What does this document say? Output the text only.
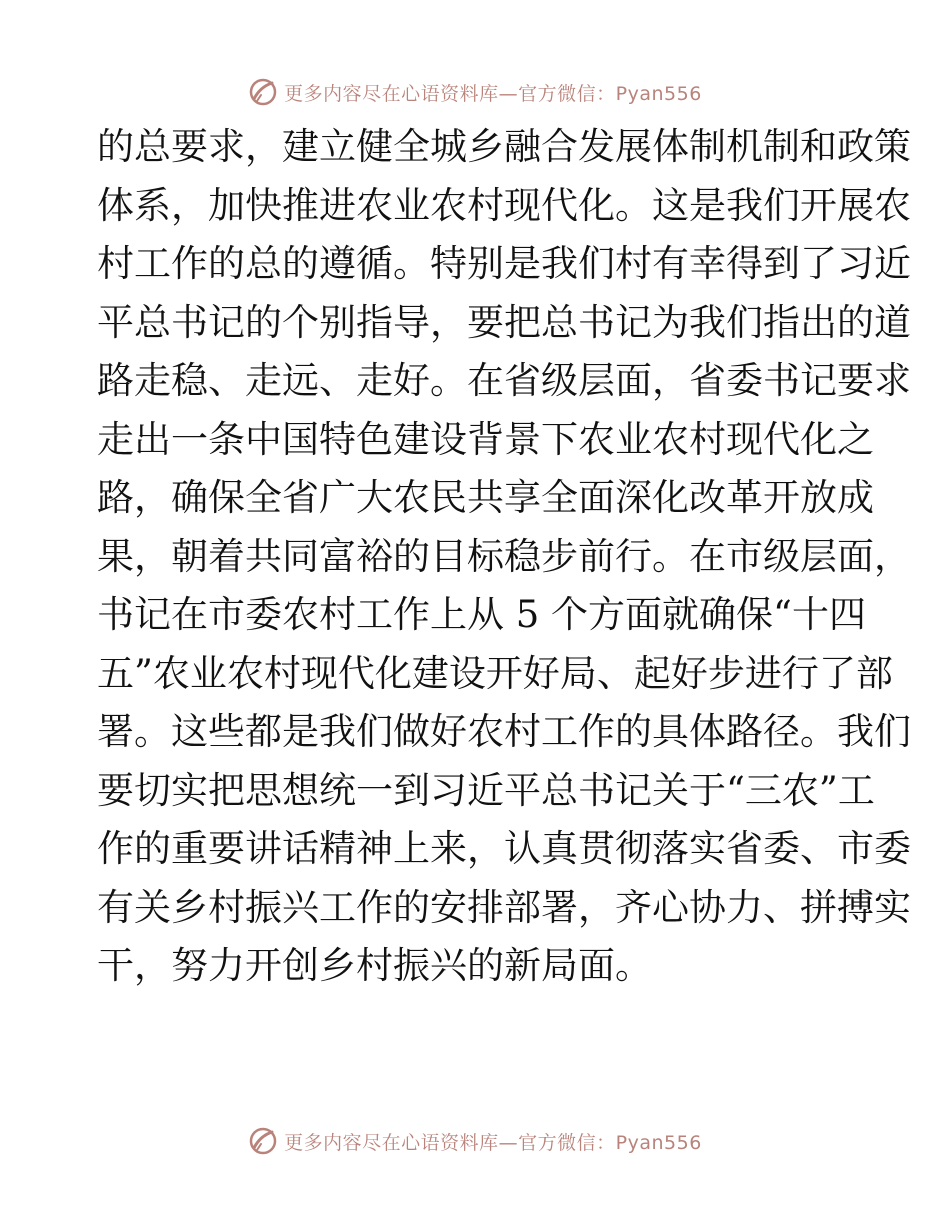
更多内容尽在心语资料库—官方微信：Pyan556
的总要求，建立健全城乡融合发展体制机制和政策
体系，加快推进农业农村现代化。这是我们开展农
村工作的总的遵循。特别是我们村有幸得到了习近
平总书记的个别指导，要把总书记为我们指出的道
路走稳、走远、走好。在省级层面，省委书记要求
走出一条中国特色建设背景下农业农村现代化之
路，确保全省广大农民共享全面深化改革开放成
果，朝着共同富裕的目标稳步前行。在市级层面，
书记在市委农村工作上从 5 个方面就确保“十四
五”农业农村现代化建设开好局、起好步进行了部
署。这些都是我们做好农村工作的具体路径。我们
要切实把思想统一到习近平总书记关于“三农”工
作的重要讲话精神上来，认真贯彻落实省委、市委
有关乡村振兴工作的安排部署，齐心协力、拼搏实
干，努力开创乡村振兴的新局面。
更多内容尽在心语资料库—官方微信：Pyan556
